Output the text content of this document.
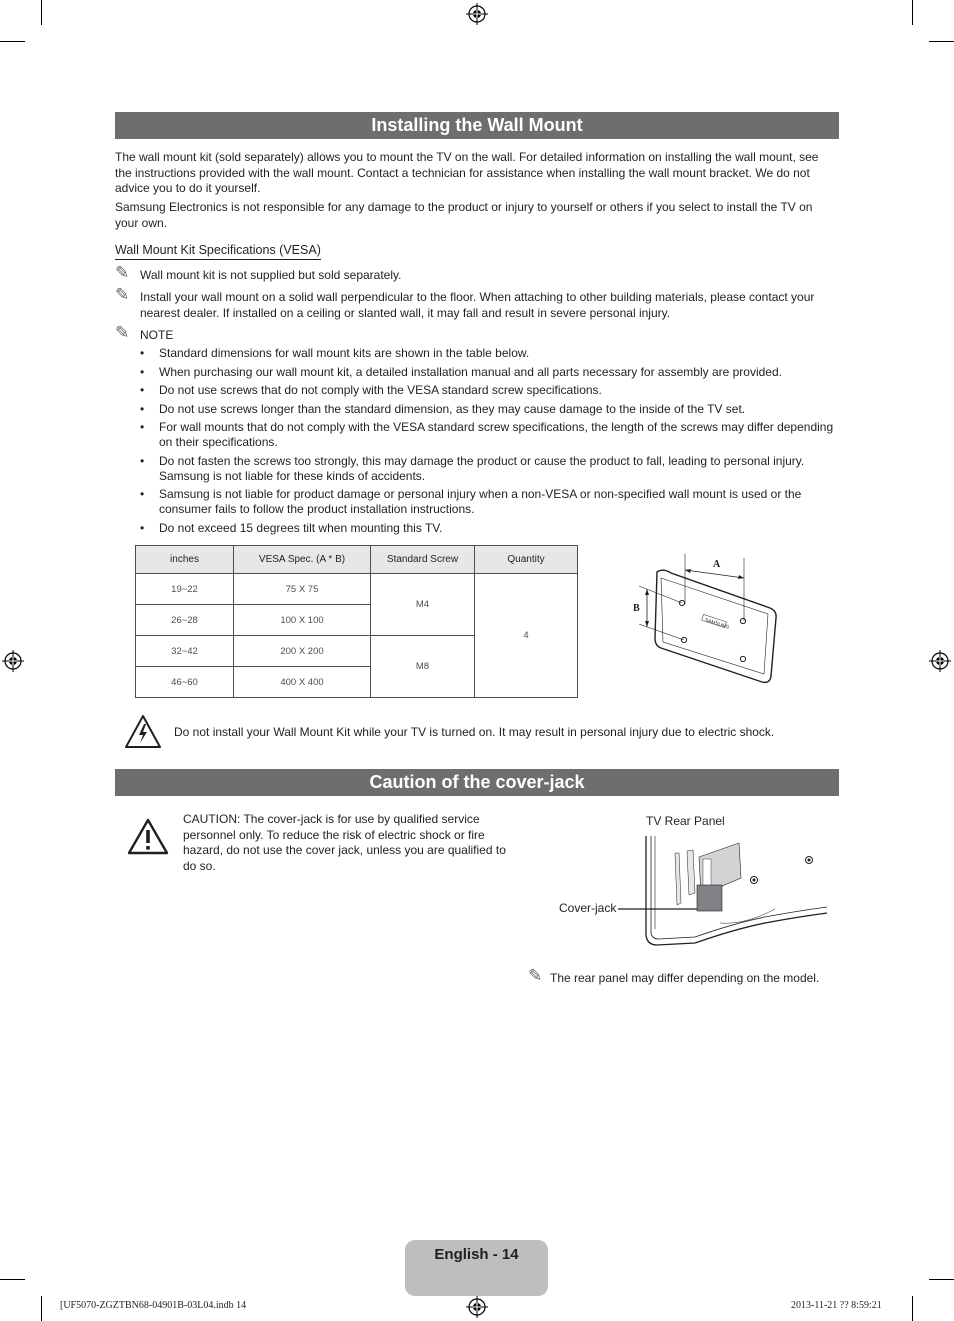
Installing the Wall Mount
The wall mount kit (sold separately) allows you to mount the TV on the wall. For detailed information on installing the wall mount, see the instructions provided with the wall mount. Contact a technician for assistance when installing the wall mount bracket. We do not advice you to do it yourself.
Samsung Electronics is not responsible for any damage to the product or injury to yourself or others if you select to install the TV on your own.
Wall Mount Kit Specifications (VESA)
✎ Wall mount kit is not supplied but sold separately.
✎ Install your wall mount on a solid wall perpendicular to the floor. When attaching to other building materials, please contact your nearest dealer. If installed on a ceiling or slanted wall, it may fall and result in severe personal injury.
✎ NOTE
• Standard dimensions for wall mount kits are shown in the table below.
• When purchasing our wall mount kit, a detailed installation manual and all parts necessary for assembly are provided.
• Do not use screws that do not comply with the VESA standard screw specifications.
• Do not use screws longer than the standard dimension, as they may cause damage to the inside of the TV set.
• For wall mounts that do not comply with the VESA standard screw specifications, the length of the screws may differ depending on their specifications.
• Do not fasten the screws too strongly, this may damage the product or cause the product to fall, leading to personal injury. Samsung is not liable for these kinds of accidents.
• Samsung is not liable for product damage or personal injury when a non-VESA or non-specified wall mount is used or the consumer fails to follow the product installation instructions.
• Do not exceed 15 degrees tilt when mounting this TV.
inches	VESA Spec. (A * B)	Standard Screw	Quantity
19~22	75 X 75	M4	4
26~28	100 X 100		
32~42	200 X 200	M8	
46~60	400 X 400		
SAMSUNG
A
B
Do not install your Wall Mount Kit while your TV is turned on. It may result in personal injury due to electric shock.
Caution of the cover-jack
CAUTION: The cover-jack is for use by qualified service personnel only. To reduce the risk of electric shock or fire hazard, do not use the cover jack, unless you are qualified to do so.
TV Rear Panel
Cover-jack
✎ The rear panel may differ depending on the model.
English - 14
[UF5070-ZGZTBN68-04901B-03L04.indb 14	2013-11-21 ?? 8:59:21
